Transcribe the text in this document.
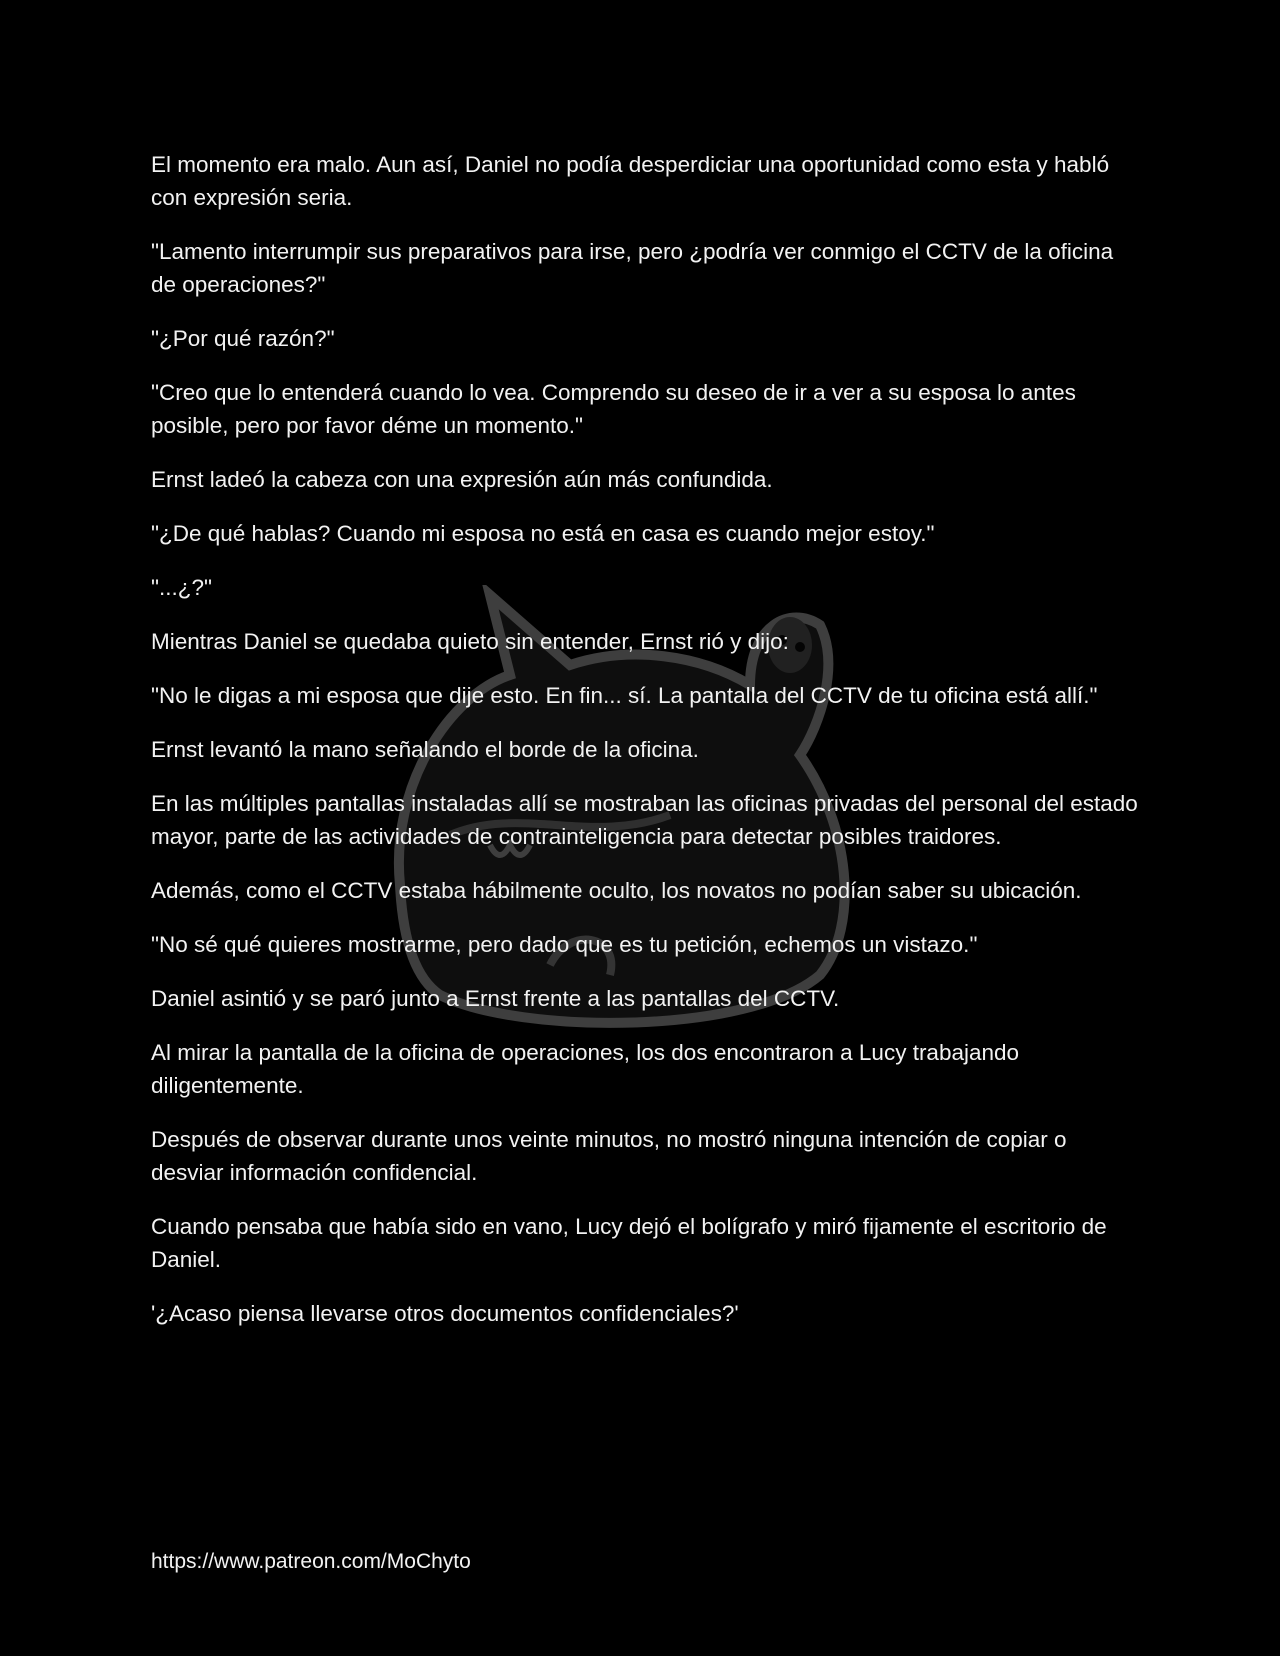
El momento era malo. Aun así, Daniel no podía desperdiciar una oportunidad como esta y habló con expresión seria.

"Lamento interrumpir sus preparativos para irse, pero ¿podría ver conmigo el CCTV de la oficina de operaciones?"

"¿Por qué razón?"

"Creo que lo entenderá cuando lo vea. Comprendo su deseo de ir a ver a su esposa lo antes posible, pero por favor déme un momento."

Ernst ladeó la cabeza con una expresión aún más confundida.

"¿De qué hablas? Cuando mi esposa no está en casa es cuando mejor estoy."

"...¿?"

Mientras Daniel se quedaba quieto sin entender, Ernst rió y dijo:

"No le digas a mi esposa que dije esto. En fin... sí. La pantalla del CCTV de tu oficina está allí."

Ernst levantó la mano señalando el borde de la oficina.

En las múltiples pantallas instaladas allí se mostraban las oficinas privadas del personal del estado mayor, parte de las actividades de contrainteligencia para detectar posibles traidores.

Además, como el CCTV estaba hábilmente oculto, los novatos no podían saber su ubicación.

"No sé qué quieres mostrarme, pero dado que es tu petición, echemos un vistazo."

Daniel asintió y se paró junto a Ernst frente a las pantallas del CCTV.

Al mirar la pantalla de la oficina de operaciones, los dos encontraron a Lucy trabajando diligentemente.

Después de observar durante unos veinte minutos, no mostró ninguna intención de copiar o desviar información confidencial.

Cuando pensaba que había sido en vano, Lucy dejó el bolígrafo y miró fijamente el escritorio de Daniel.

'¿Acaso piensa llevarse otros documentos confidenciales?'

https://www.patreon.com/MoChyto
